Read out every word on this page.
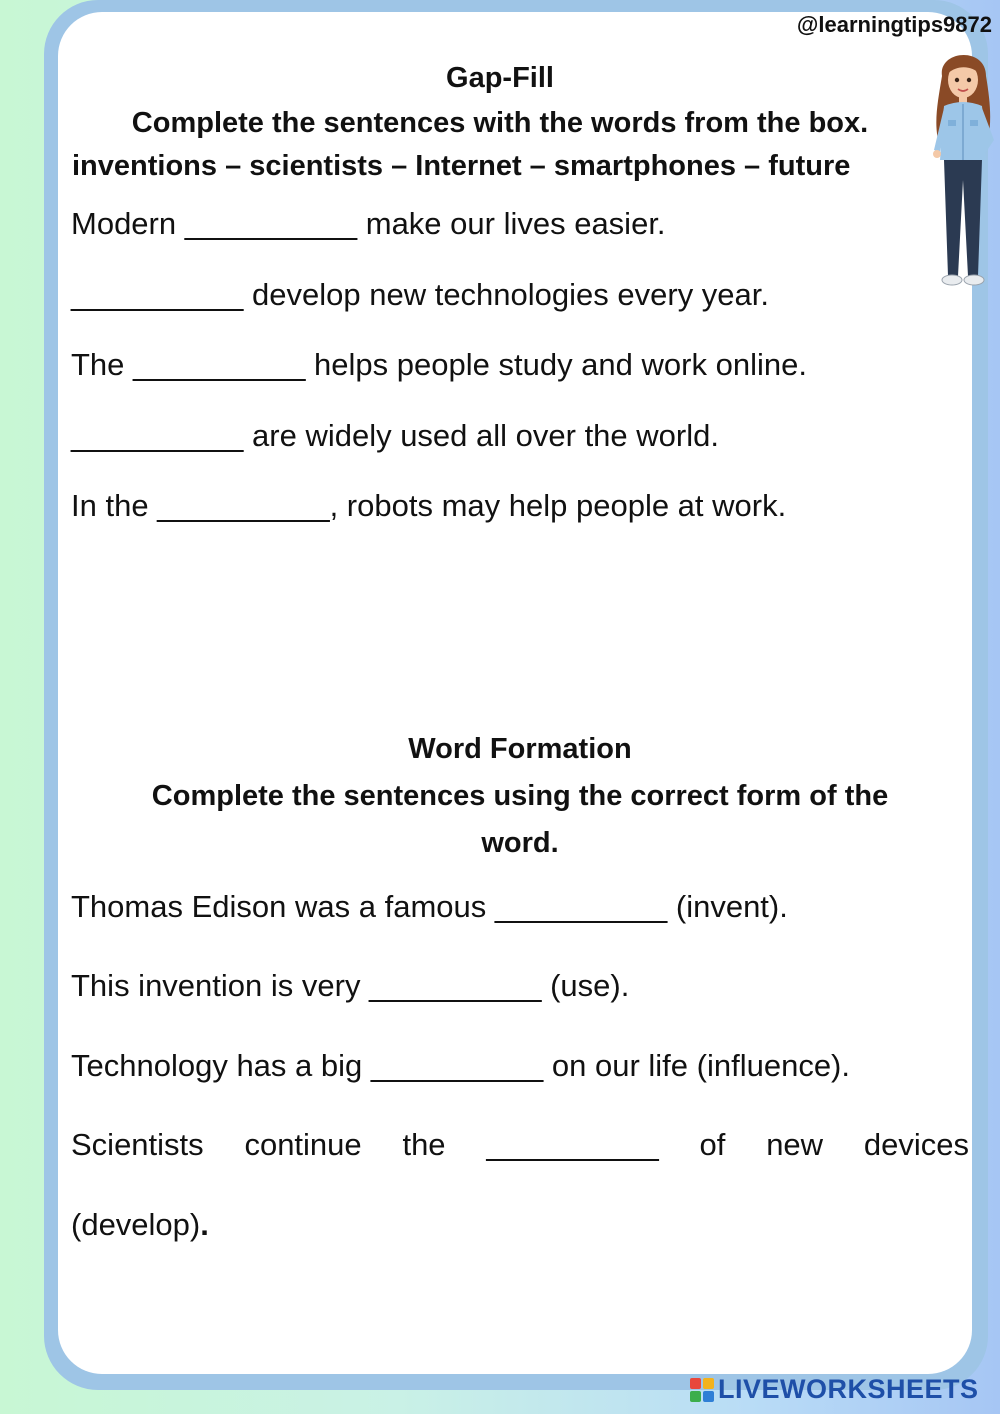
@learningtips9872
Gap-Fill
Complete the sentences with the words from the box.
inventions – scientists – Internet – smartphones – future
Modern __________ make our lives easier.
__________ develop new technologies every year.
The __________ helps people study and work online.
__________ are widely used all over the world.
In the __________, robots may help people at work.
Word Formation
Complete the sentences using the correct form of the
word.
Thomas Edison was a famous __________ (invent).
This invention is very __________ (use).
Technology has a big __________ on our life (influence).
Scientists continue the __________ of new devices
(develop).
LIVEWORKSHEETS
